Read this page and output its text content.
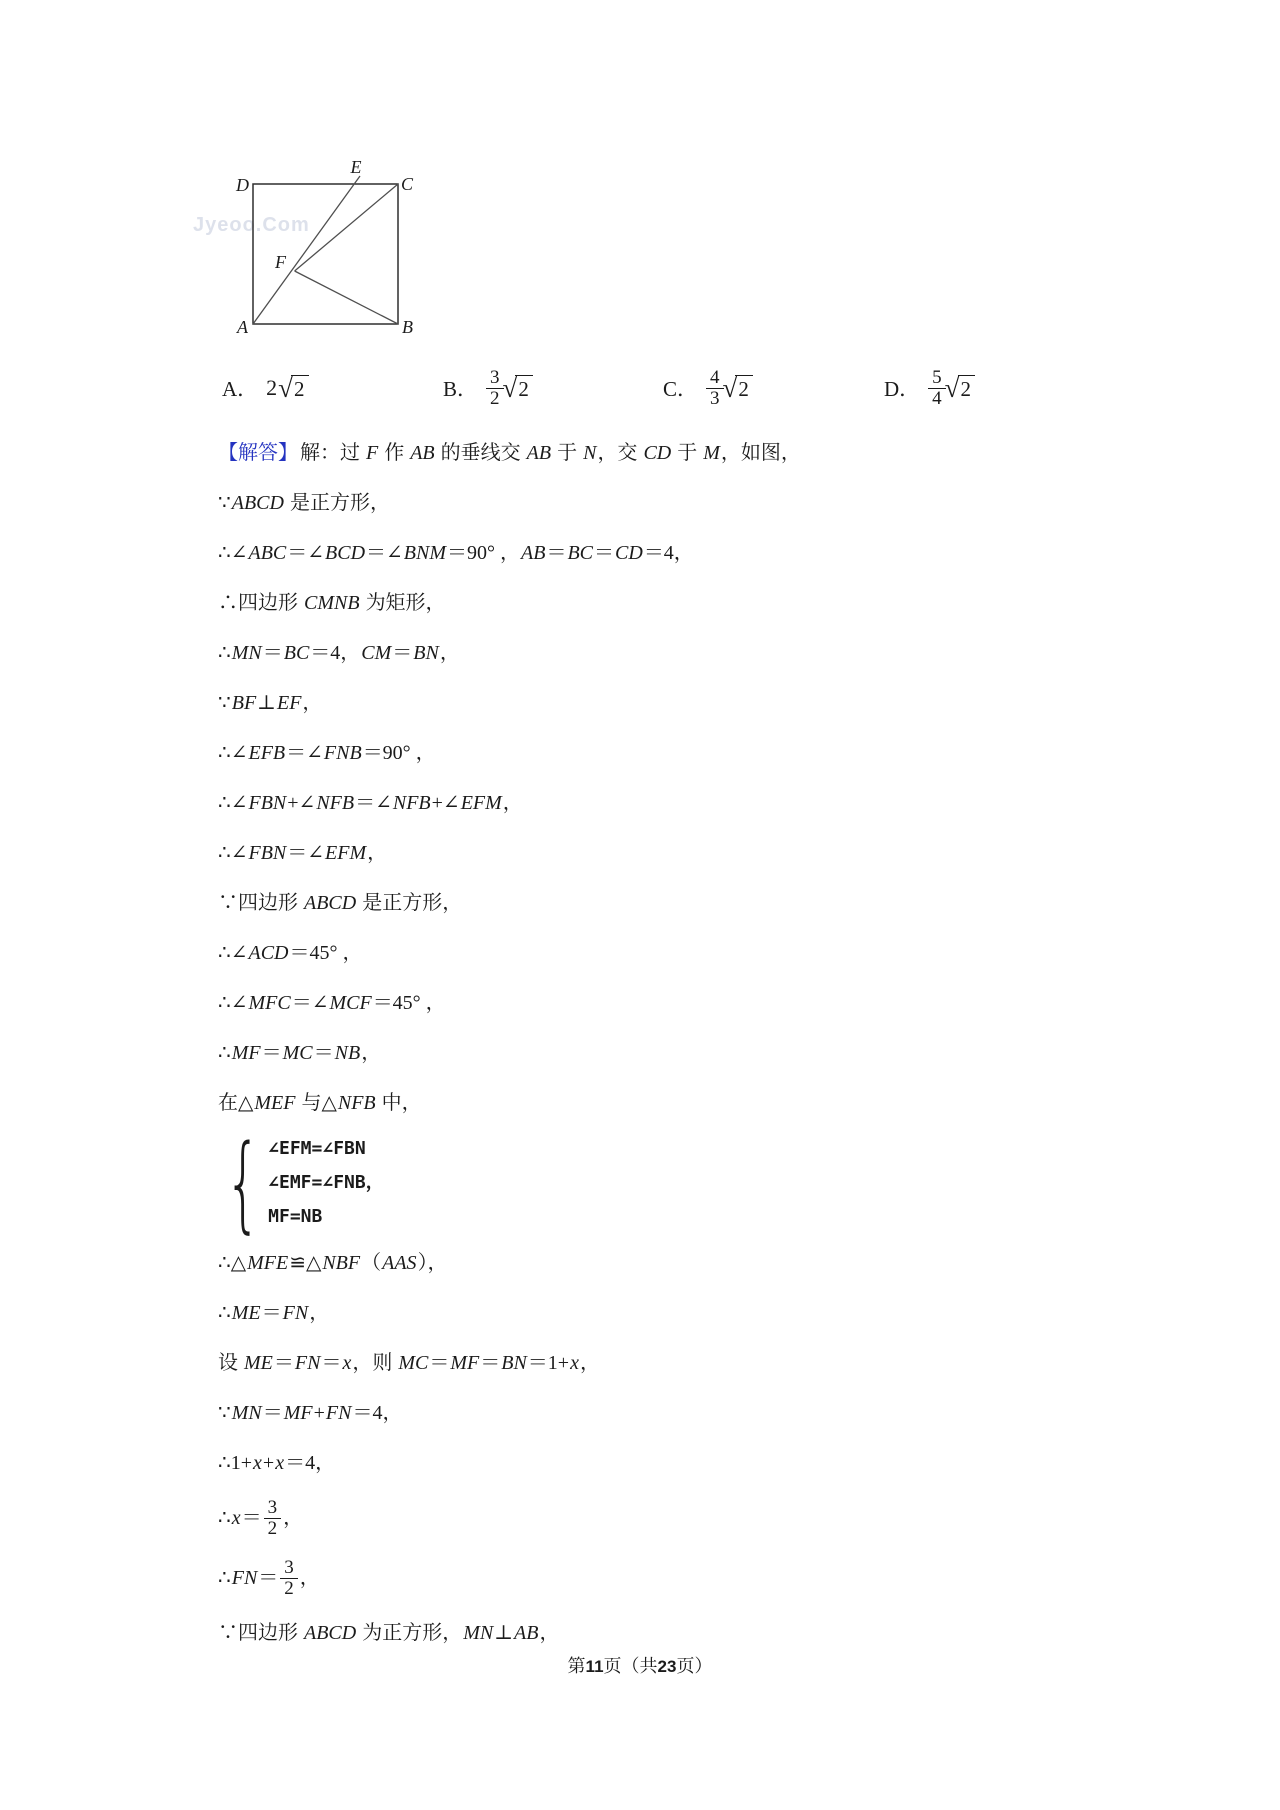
Jyeoo.Com
D
E
C
F
A	B
A． 2 √ 2	B． $\frac{3}{2}$ √ 2	C． $\frac{4}{3}$ √ 2	D． $\frac{5}{4}$ √ 2
【解答】 解：过 F 作 AB 的垂线交 AB 于 N，交 CD 于 M，如图，
∵ABCD 是正方形，
∴∠ABC＝∠BCD＝∠BNM＝90° ，AB＝BC＝CD＝4，
∴四边形 CMNB 为矩形，
∴MN＝BC＝4，CM＝BN，
∵BF⊥EF，
∴∠EFB＝∠FNB＝90° ，
∴∠FBN+∠NFB＝∠NFB+∠EFM，
∴∠FBN＝∠EFM，
∵四边形 ABCD 是正方形，
∴∠ACD＝45° ，
∴∠MFC＝∠MCF＝45° ，
∴MF＝MC＝NB，
在△MEF 与△NFB 中，
{ ∠EFM=∠FBN
∠EMF=∠FNB，
MF=NB
∴△MFE≌△NBF（AAS），
∴ME＝FN，
设 ME＝FN＝x，则 MC＝MF＝BN＝1+x，
∵MN＝MF+FN＝4，
∴1+x+x＝4，
∴ $x = \frac{3}{2}$ ，
∴ FN ＝ $\frac{3}{2}$ ，
∵四边形 ABCD 为正方形，MN⊥AB，
第11页（共23页）
